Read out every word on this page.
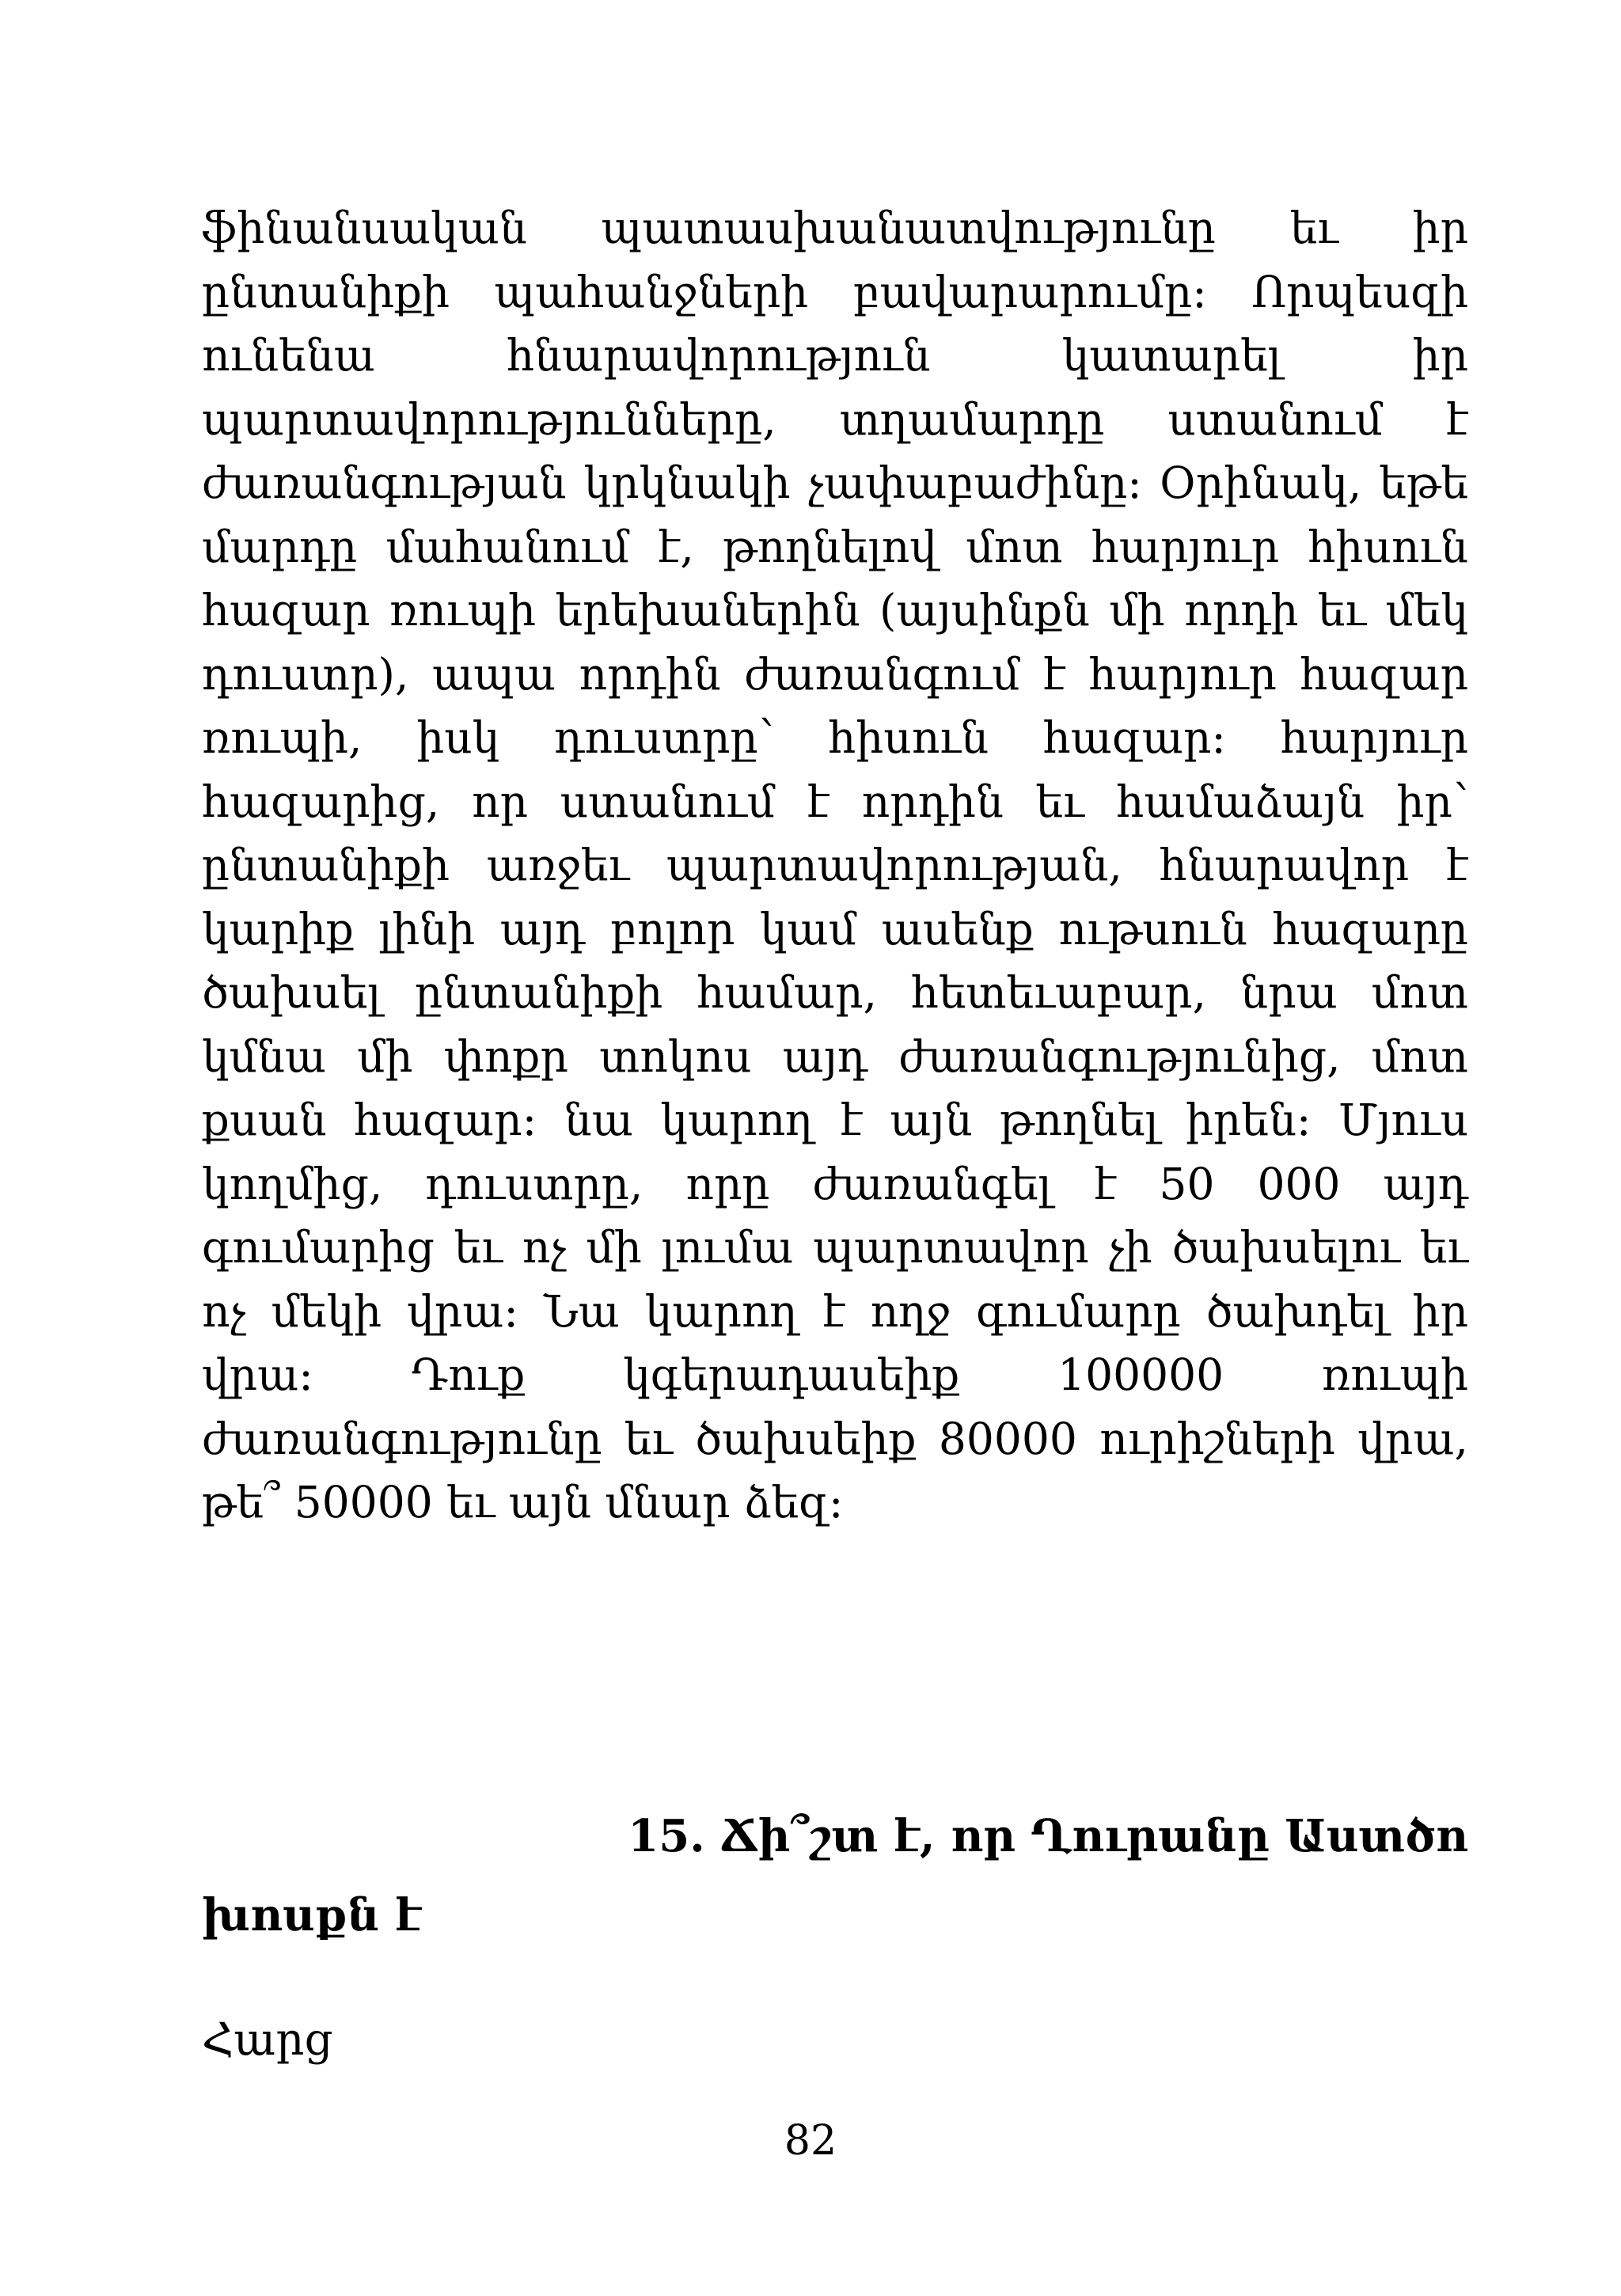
ֆինանսական պատասխանատվությունը եւ իր ընտանիքի պահանջների բավարարումը: Որպեսզի ունենա հնարավորություն կատարել իր պարտավորությունները, տղամարդը ստանում է ժառանգության կրկնակի չափաբաժինը: Օրինակ, եթե մարդը մահանում է, թողնելով մոտ հարյուր հիսուն հազար ռուպի երեխաներին (այսինքն մի որդի եւ մեկ դուստր), ապա որդին ժառանգում է հարյուր հազար ռուպի, իսկ դուստրը՝ հիսուն հազար: հարյուր հազարից, որ ստանում է որդին եւ համաձայն իր՝ ընտանիքի առջեւ պարտավորության, հնարավոր է կարիք լինի այդ բոլոր կամ ասենք ութսուն հազարը ծախսել ընտանիքի համար, հետեւաբար, նրա մոտ կմնա մի փոքր տոկոս այդ ժառանգությունից, մոտ քսան հազար: նա կարող է այն թողնել իրեն: Մյուս կողմից, դուստրը, որը ժառանգել է 50 000 այդ գումարից եւ ոչ մի լումա պարտավոր չի ծախսելու եւ ոչ մեկի վրա: Նա կարող է ողջ գումարը ծախդել իր վրա: Դուք կգերադասեիք 100000 ռուպի ժառանգությունը եւ ծախսեիք 80000 ուրիշների վրա, թե՞ 50000 եւ այն մնար ձեզ:

15. Ճի՞շտ է, որ Ղուրանը Աստծո

խոսքն է

Հարց

82
